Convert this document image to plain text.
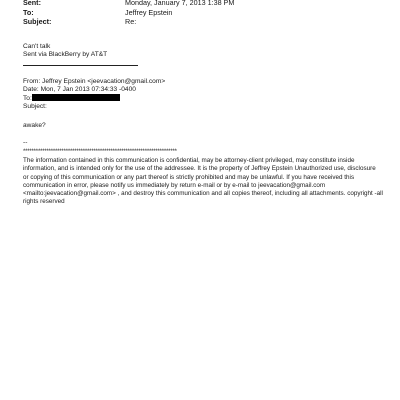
Sent:	Monday, January 7, 2013 1:38 PM
To:	Jeffrey Epstein
Subject:	Re:
Can't talk
Sent via BlackBerry by AT&T
From: Jeffrey Epstein <jeevacation@gmail.com>
Date: Mon, 7 Jan 2013 07:34:33 -0400
To:
Subject:
awake?
--
************************************************************************
The information contained in this communication is confidential, may be attorney-client privileged, may constitute inside information, and is intended only for the use of the addressee. It is the property of Jeffrey Epstein Unauthorized use, disclosure or copying of this communication or any part thereof is strictly prohibited and may be unlawful. If you have received this communication in error, please notify us immediately by return e-mail or by e-mail to jeevacation@gmail.com <mailto:jeevacation@gmail.com> , and destroy this communication and all copies thereof, including all attachments. copyright -all rights reserved
